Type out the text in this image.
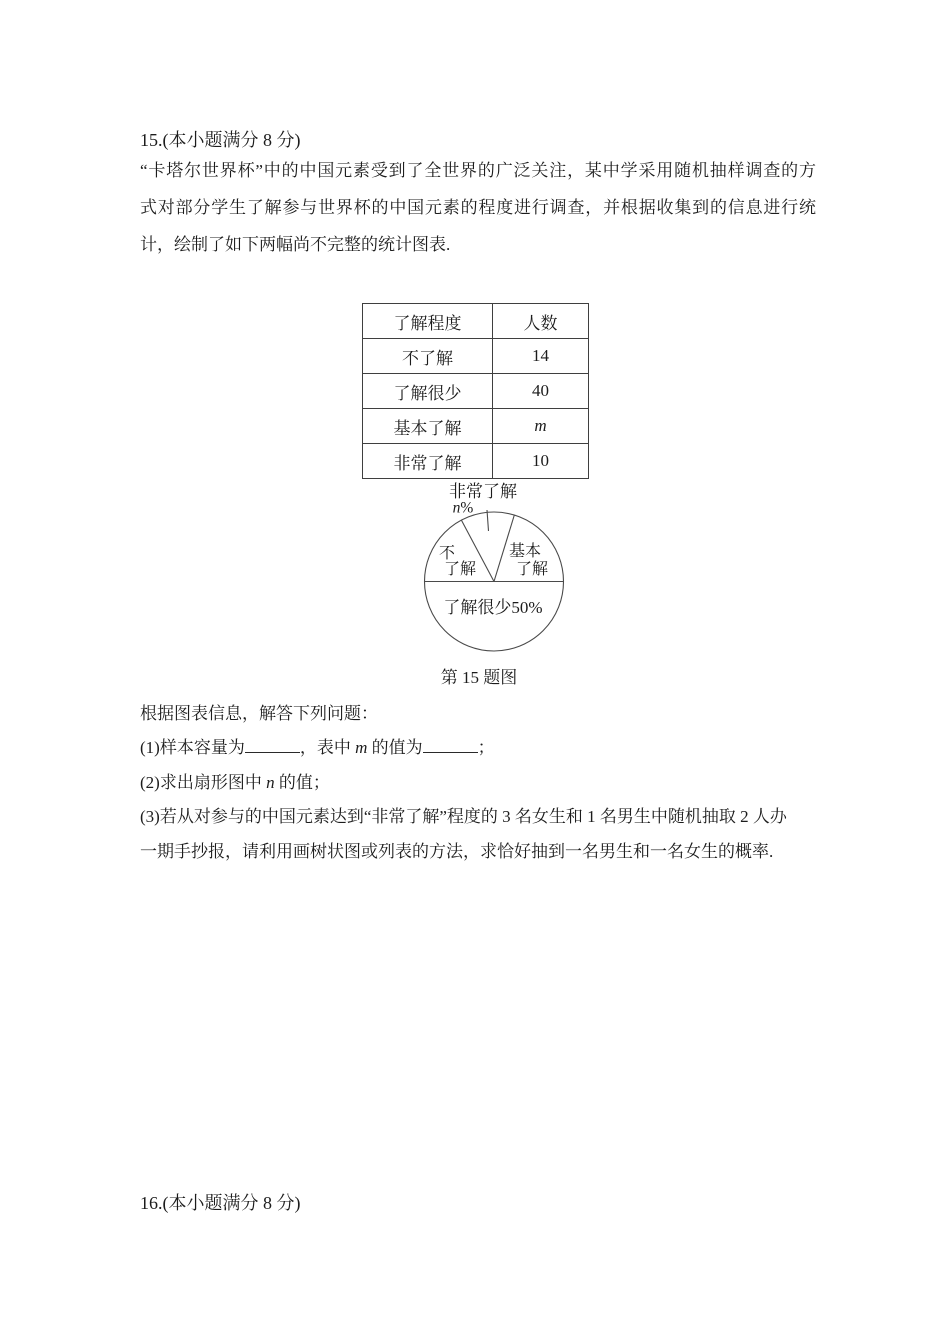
15.(本小题满分 8 分)
“卡塔尔世界杯”中的中国元素受到了全世界的广泛关注，某中学采用随机抽样调查的方
式对部分学生了解参与世界杯的中国元素的程度进行调查，并根据收集到的信息进行统
计，绘制了如下两幅尚不完整的统计图表.
了解程度	人数
不了解	14
了解很少	40
基本了解	m
非常了解	10
非常了解
n%
不
了解
基本
了解
了解很少50%
第 15 题图
根据图表信息，解答下列问题：
(1)样本容量为	，表中 m 的值为	；
(2)求出扇形图中 n 的值；
(3)若从对参与的中国元素达到“非常了解”程度的 3 名女生和 1 名男生中随机抽取 2 人办
一期手抄报，请利用画树状图或列表的方法，求恰好抽到一名男生和一名女生的概率.
16.(本小题满分 8 分)
